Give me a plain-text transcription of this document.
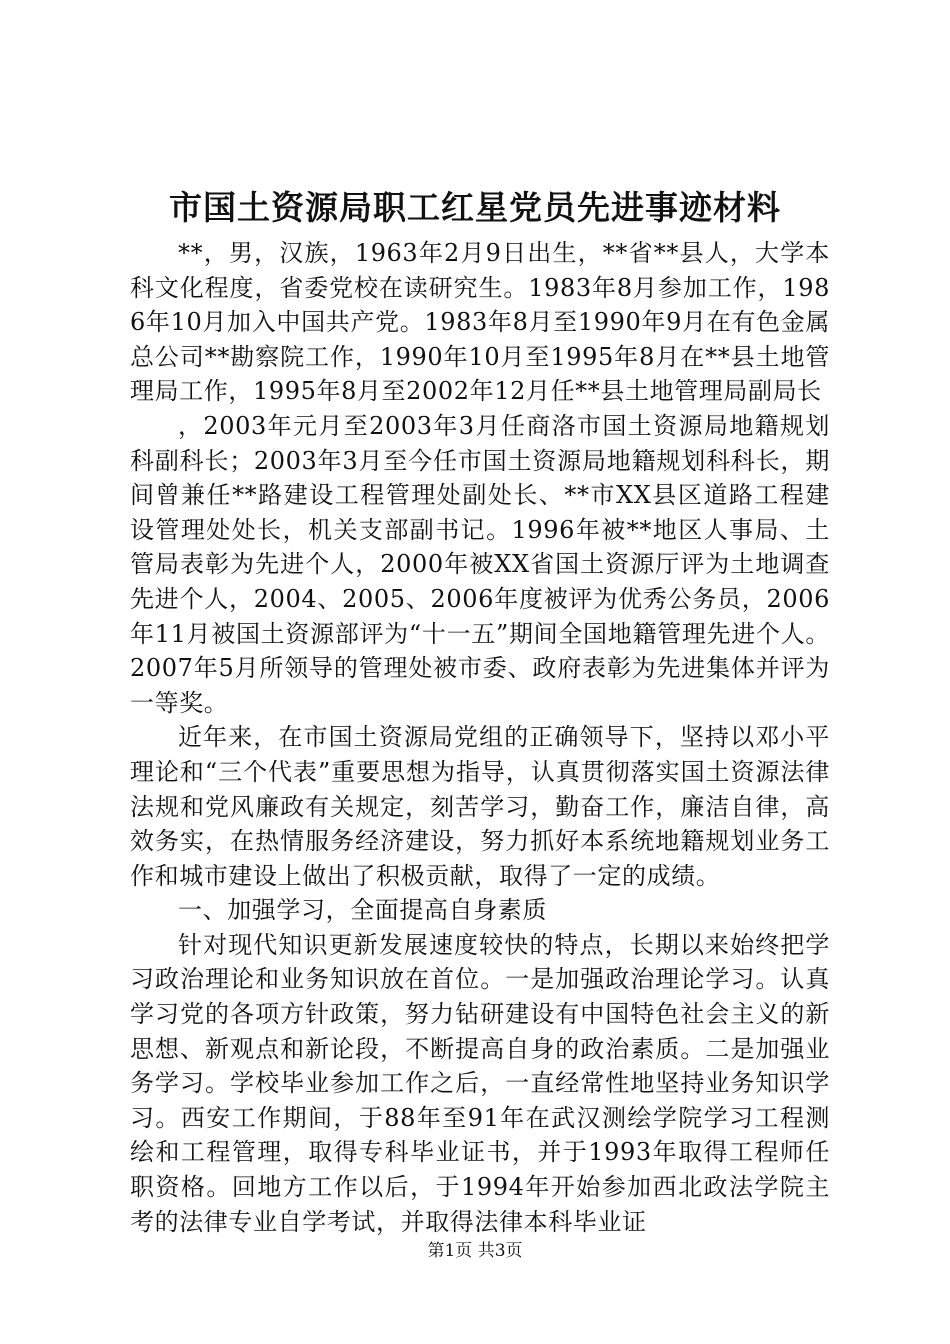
市国土资源局职工红星党员先进事迹材料

**，男，汉族，1963年2月9日出生，**省**县人，大学本科文化程度，省委党校在读研究生。1983年8月参加工作，1986年10月加入中国共产党。1983年8月至1990年9月在有色金属总公司**勘察院工作，1990年10月至1995年8月在**县土地管理局工作，1995年8月至2002年12月任**县土地管理局副局长

，2003年元月至2003年3月任商洛市国土资源局地籍规划科副科长；2003年3月至今任市国土资源局地籍规划科科长，期间曾兼任**路建设工程管理处副处长、**市XX县区道路工程建设管理处处长，机关支部副书记。1996年被**地区人事局、土管局表彰为先进个人，2000年被XX省国土资源厅评为土地调查先进个人，2004、2005、2006年度被评为优秀公务员，2006年11月被国土资源部评为“十一五”期间全国地籍管理先进个人。2007年5月所领导的管理处被市委、政府表彰为先进集体并评为一等奖。

近年来，在市国土资源局党组的正确领导下，坚持以邓小平理论和“三个代表”重要思想为指导，认真贯彻落实国土资源法律法规和党风廉政有关规定，刻苦学习，勤奋工作，廉洁自律，高效务实，在热情服务经济建设，努力抓好本系统地籍规划业务工作和城市建设上做出了积极贡献，取得了一定的成绩。

一、加强学习，全面提高自身素质

针对现代知识更新发展速度较快的特点，长期以来始终把学习政治理论和业务知识放在首位。一是加强政治理论学习。认真学习党的各项方针政策，努力钻研建设有中国特色社会主义的新思想、新观点和新论段，不断提高自身的政治素质。二是加强业务学习。学校毕业参加工作之后，一直经常性地坚持业务知识学习。西安工作期间，于88年至91年在武汉测绘学院学习工程测绘和工程管理，取得专科毕业证书，并于1993年取得工程师任职资格。回地方工作以后，于1994年开始参加西北政法学院主考的法律专业自学考试，并取得法律本科毕业证

第1页 共3页
